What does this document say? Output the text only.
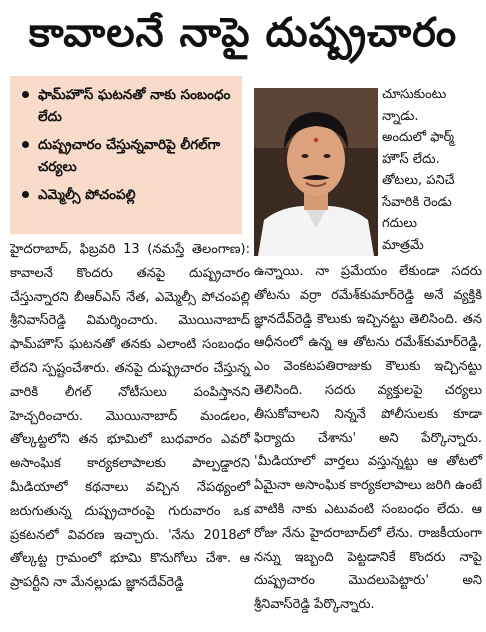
కావాలనే నాపై దుష్ప్రచారం
ఫామ్‌హౌస్ ఘటనతో నాకు సంబంధం లేదు
దుష్ప్రచారం చేస్తున్నవారిపై లీగల్‌గా చర్యలు
ఎమ్మెల్సీ పోచంపల్లి

చూసుకుంటు

న్నాడు.

అందులో ఫార్మ్

హౌస్ లేదు.

తోటలు, పనిచే

సేవారికి రెండు

గదులు

మాత్రమే

హైదరాబాద్, ఫిబ్రవరి 13 (నమస్తే తెలంగాణ): కావాలనే కొందరు తనపై దుష్ప్రచారం చేస్తున్నారని బీఆర్ఎస్ నేత, ఎమ్మెల్సీ పోచంపల్లి శ్రీనివాస్‌రెడ్డి విమర్శించారు. మొయినాబాద్ ఫామ్‌హౌస్ ఘటనతో తనకు ఎలాంటి సంబంధం లేదని స్పష్టంచేశారు. తనపై దుష్ప్రచారం చేస్తున్న వారికి లీగల్ నోటీసులు పంపిస్తానని హెచ్చరించారు. మొయినాబాద్ మండలం, తోల్కట్టలోని తన భూమిలో బుధవారం ఎవరో అసాంఘిక కార్యకలాపాలకు పాల్పడ్డారని మీడియాలో కథనాలు వచ్చిన నేపథ్యంలో జరుగుతున్న దుష్ప్రచారంపై గురువారం ఒక ప్రకటనలో వివరణ ఇచ్చారు. 'నేను 2018లో తోల్కట్ట గ్రామంలో భూమి కొనుగోలు చేశా. ఆ ప్రాపర్టీని నా మేనల్లుడు జ్ఞానదేవ్‌రెడ్డి

ఉన్నాయి. నా ప్రమేయం లేకుండా సదరు తోటను వర్రా రమేశ్‌కుమార్‌రెడ్డి అనే వ్యక్తికి జ్ఞానదేవ్‌రెడ్డి కౌలుకు ఇచ్చినట్టు తెలిసింది. తన ఆధీనంలో ఉన్న ఆ తోటను రమేశ్‌కుమార్‌రెడ్డి, ఎం వెంకటపతిరాజుకు కౌలుకు ఇచ్చినట్టు తెలిసింది. సదరు వ్యక్తులపై చర్యలు తీసుకోవాలని నిన్ననే పోలీసులకు కూడా ఫిర్యాదు చేశాను' అని పేర్కొన్నారు. 'మీడియాలో వార్తలు వస్తున్నట్టు ఆ తోటలో ఏమైనా అసాంఘిక కార్యకలాపాలు జరిగి ఉంటే వాటికి నాకు ఎటువంటి సంబంధం లేదు. ఆ రోజు నేను హైదరాబాద్‌లో లేను. రాజకీయంగా నన్ను ఇబ్బంది పెట్టడానికే కొందరు నాపై దుష్ప్రచారం మొదలుపెట్టారు' అని శ్రీనివాస్‌రెడ్డి పేర్కొన్నారు.
